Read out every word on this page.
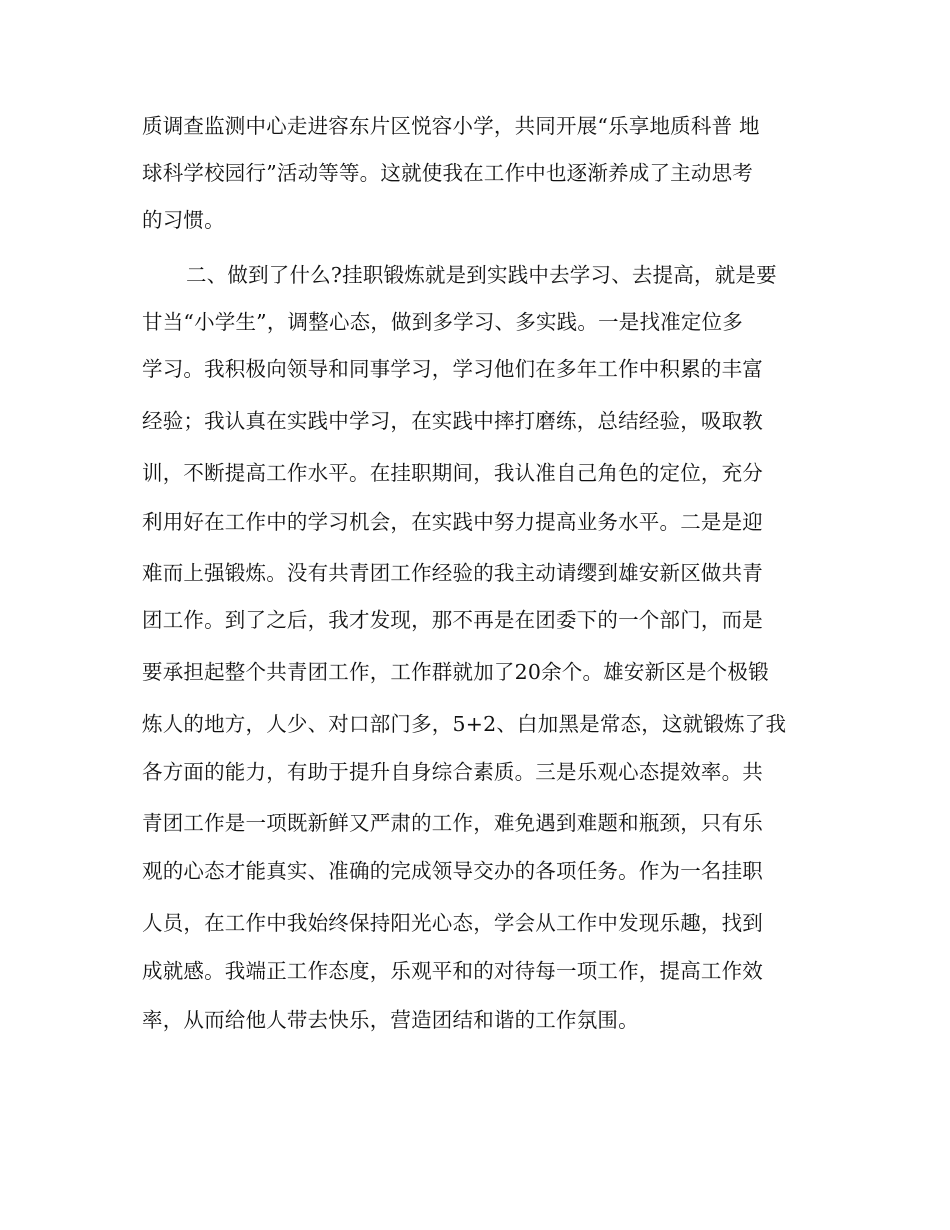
质调查监测中心走进容东片区悦容小学，共同开展“乐享地质科普 地
球科学校园行”活动等等。这就使我在工作中也逐渐养成了主动思考
的习惯。
二、做到了什么?挂职锻炼就是到实践中去学习、去提高，就是要
甘当“小学生”，调整心态，做到多学习、多实践。一是找准定位多
学习。我积极向领导和同事学习，学习他们在多年工作中积累的丰富
经验；我认真在实践中学习，在实践中摔打磨练，总结经验，吸取教
训，不断提高工作水平。在挂职期间，我认准自己角色的定位，充分
利用好在工作中的学习机会，在实践中努力提高业务水平。二是是迎
难而上强锻炼。没有共青团工作经验的我主动请缨到雄安新区做共青
团工作。到了之后，我才发现，那不再是在团委下的一个部门，而是
要承担起整个共青团工作，工作群就加了20余个。雄安新区是个极锻
炼人的地方，人少、对口部门多，5+2、白加黑是常态，这就锻炼了我
各方面的能力，有助于提升自身综合素质。三是乐观心态提效率。共
青团工作是一项既新鲜又严肃的工作，难免遇到难题和瓶颈，只有乐
观的心态才能真实、准确的完成领导交办的各项任务。作为一名挂职
人员，在工作中我始终保持阳光心态，学会从工作中发现乐趣，找到
成就感。我端正工作态度，乐观平和的对待每一项工作，提高工作效
率，从而给他人带去快乐，营造团结和谐的工作氛围。
